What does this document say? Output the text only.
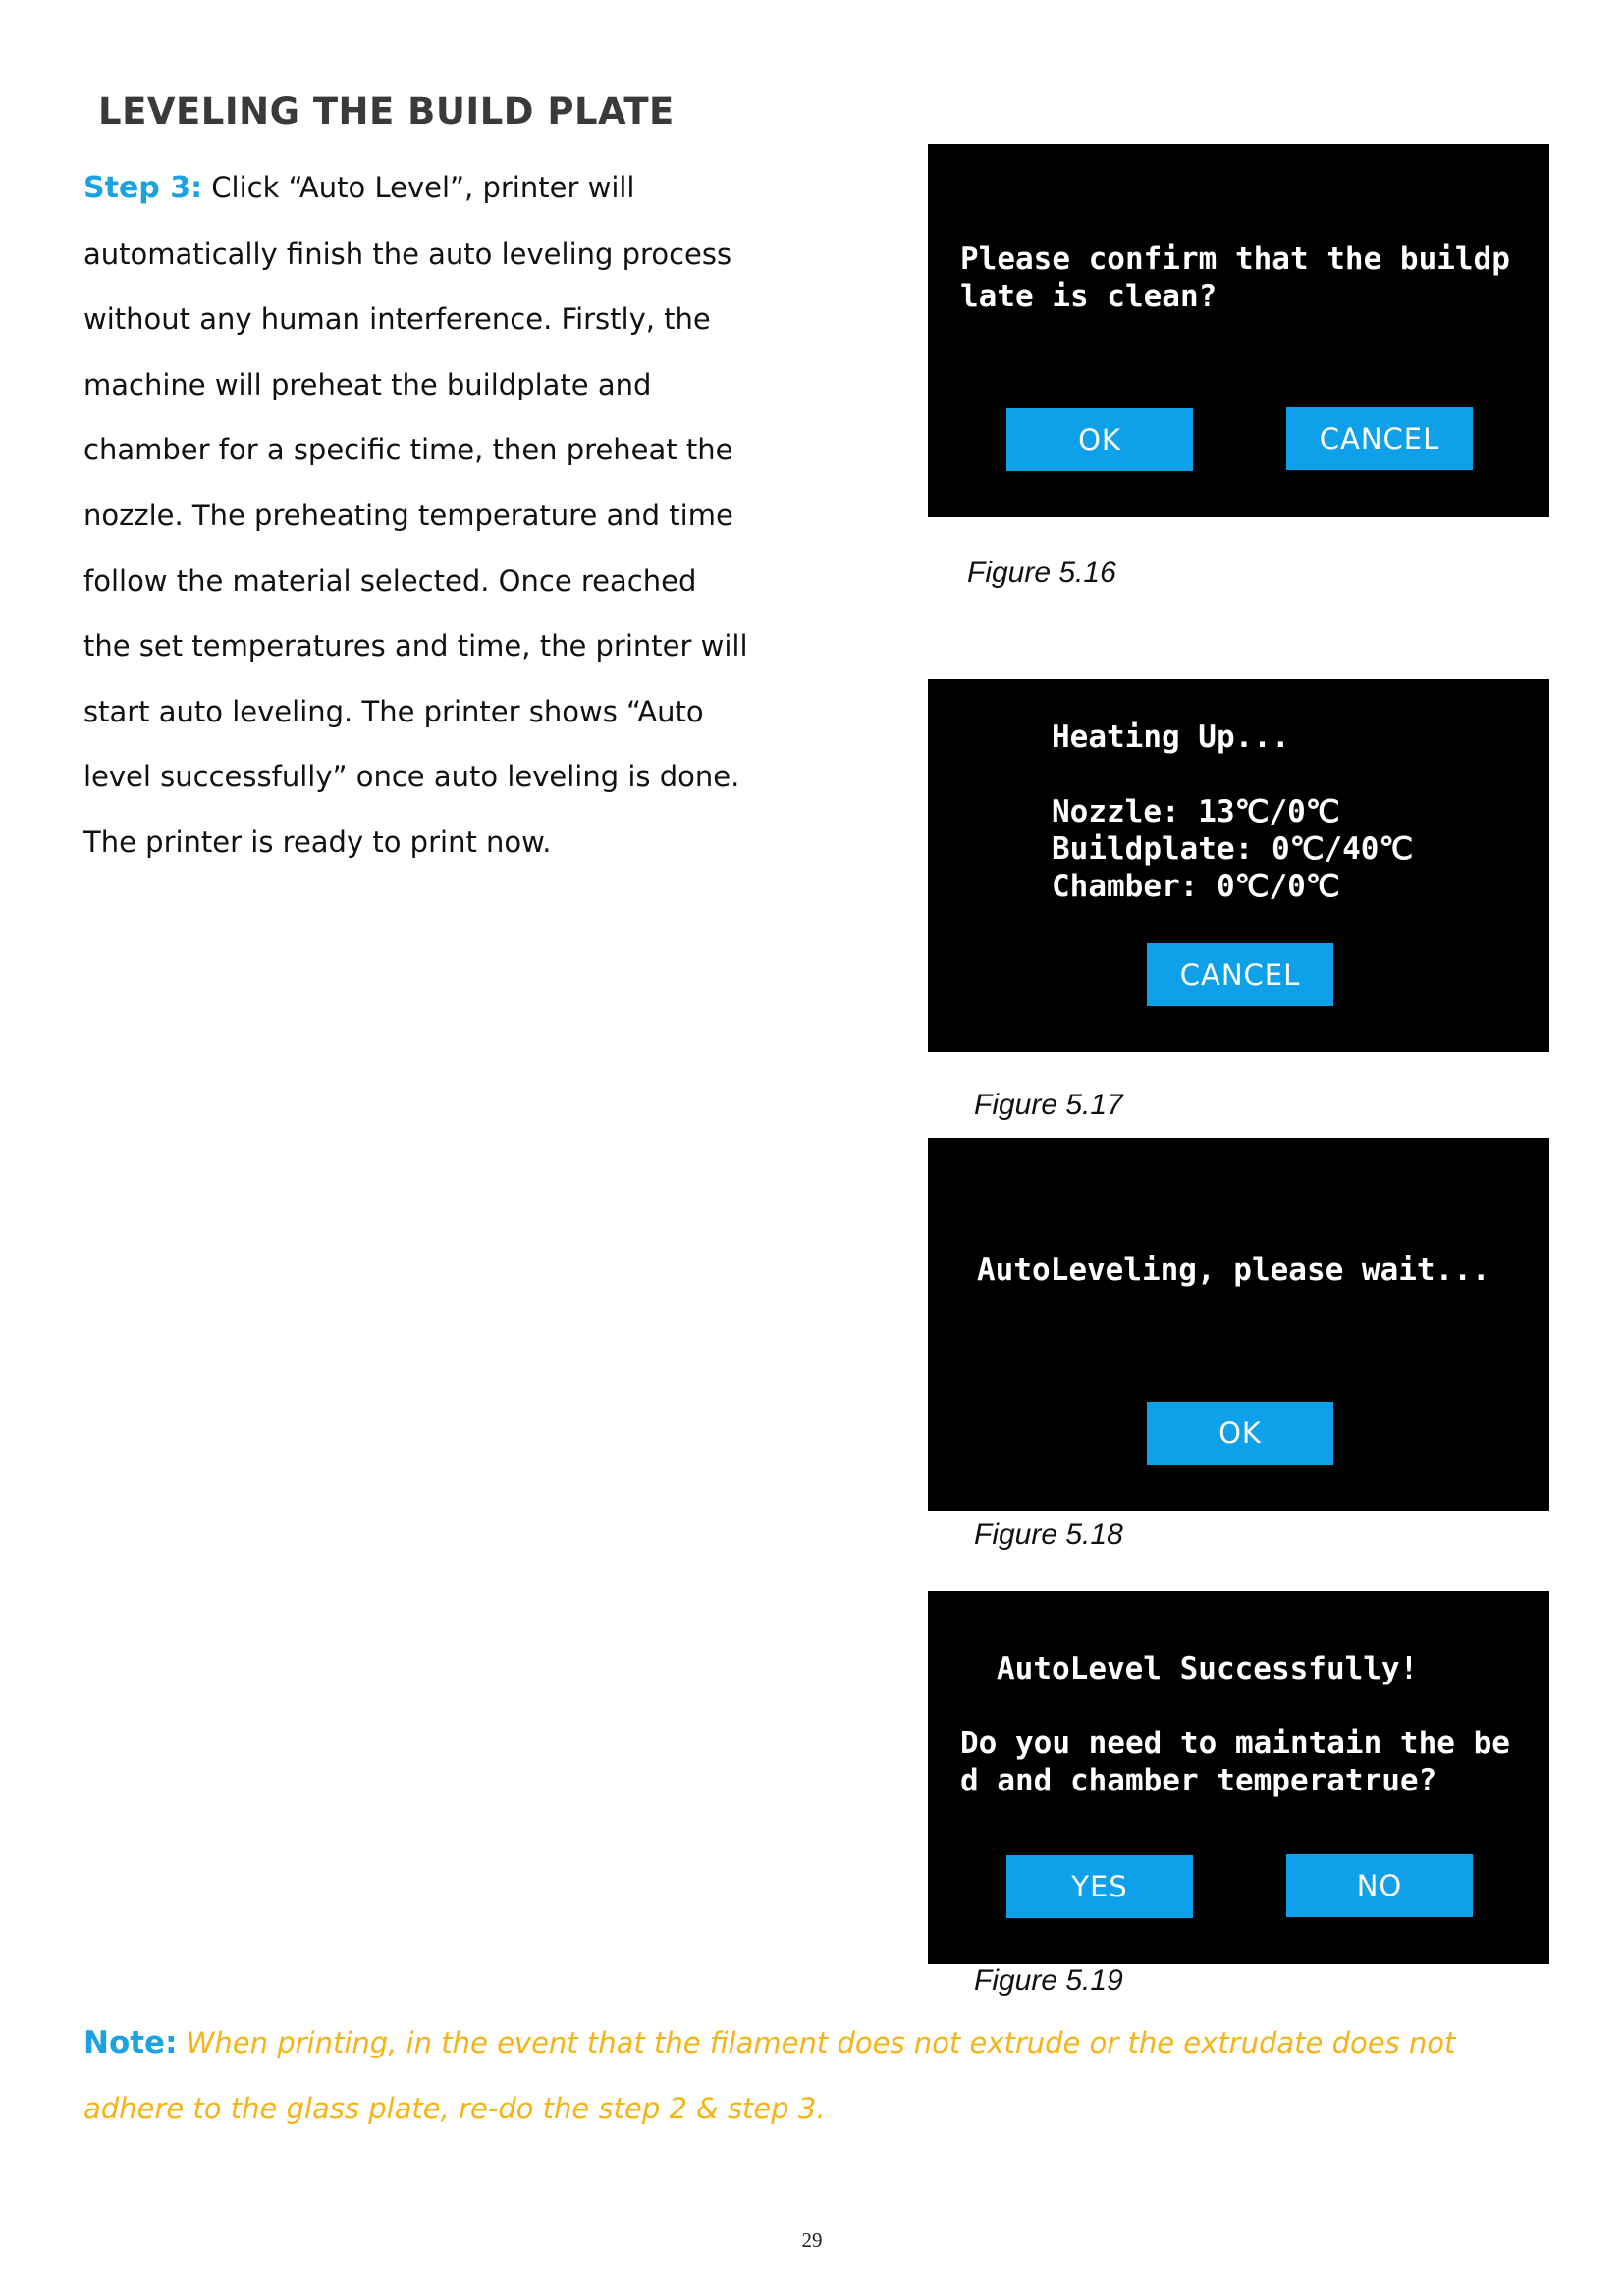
LEVELING THE BUILD PLATE

Step 3: Click “Auto Level”, printer will automatically finish the auto leveling process without any human interference. Firstly, the machine will preheat the buildplate and chamber for a specific time, then preheat the nozzle. The preheating temperature and time follow the material selected. Once reached the set temperatures and time, the printer will start auto leveling. The printer shows “Auto level successfully” once auto leveling is done. The printer is ready to print now.

Please confirm that the buildp
late is clean?
OK	CANCEL
Figure 5.16
Heating Up...

Nozzle: 13℃/0℃
Buildplate: 0℃/40℃
Chamber: 0℃/0℃
CANCEL
Figure 5.17
AutoLeveling, please wait...
OK
Figure 5.18
AutoLevel Successfully!
Do you need to maintain the be
d and chamber temperatrue?
YES	NO
Figure 5.19

Note: When printing, in the event that the filament does not extrude or the extrudate does not adhere to the glass plate, re-do the step 2 & step 3.

29
